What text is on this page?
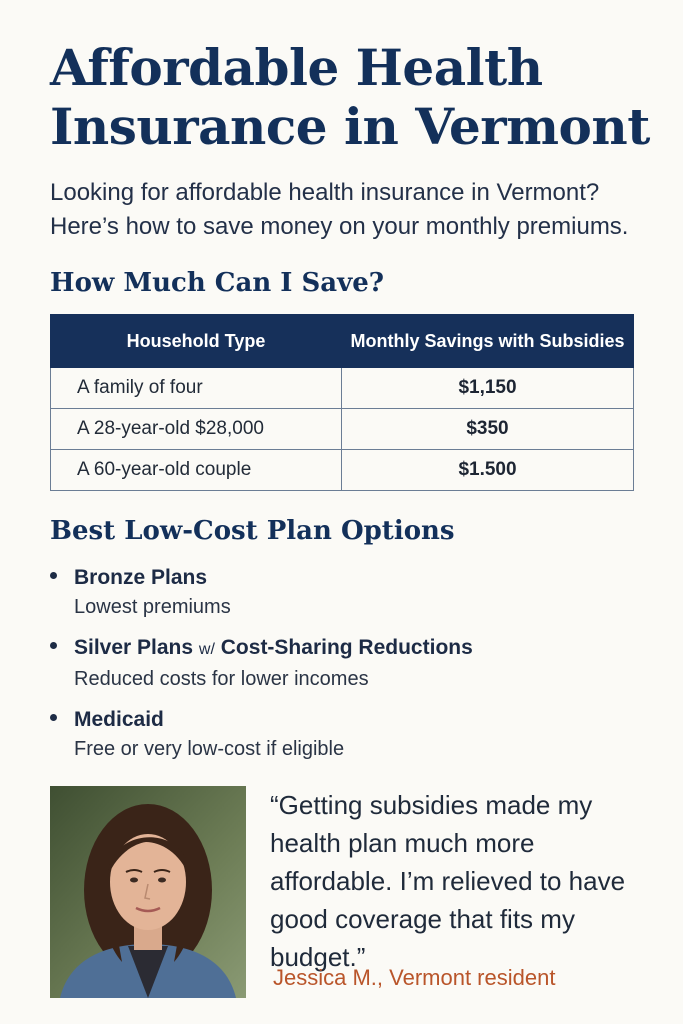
Affordable Health Insurance in Vermont

Looking for affordable health insurance in Vermont? Here’s how to save money on your monthly premiums.

How Much Can I Save?
Household Type	Monthly Savings with Subsidies
A family of four	$1,150
A 28-year-old $28,000	$350
A 60-year-old couple	$1.500
Best Low-Cost Plan Options
Bronze Plans
Lowest premiums
Silver Plans w/ Cost-Sharing Reductions
Reduced costs for lower incomes
Medicaid
Free or very low-cost if eligible

“Getting subsidies made my health plan much more affordable. I’m relieved to have good coverage that fits my budget.”

Jessica M., Vermont resident
